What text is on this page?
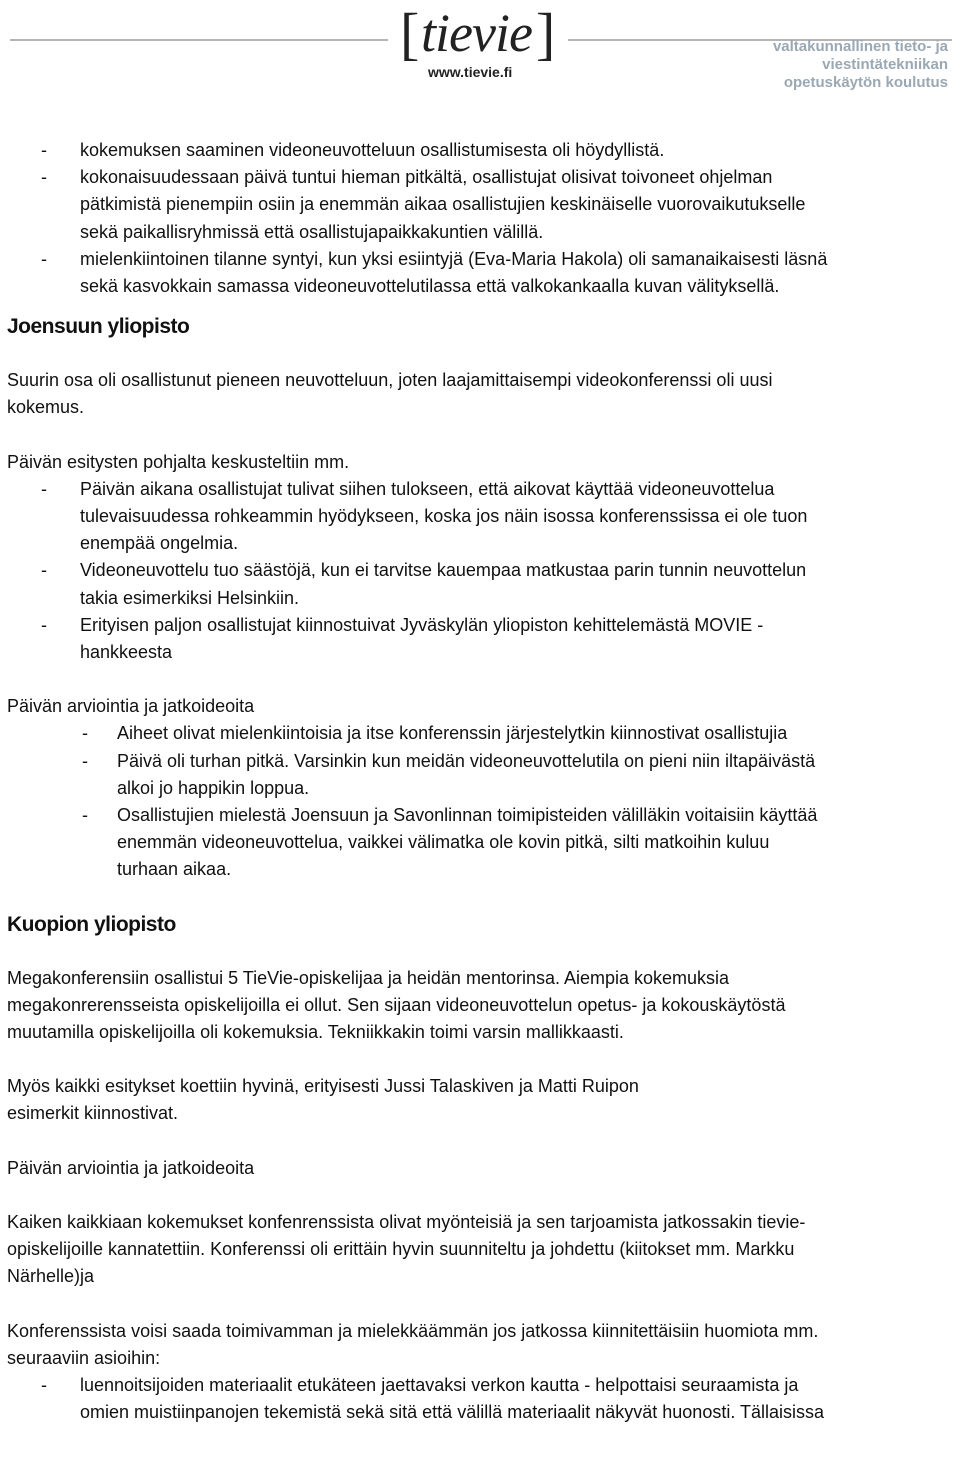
[ tievie ]
www.tievie.fi
valtakunnallinen tieto- ja
viestintätekniikan
opetuskäytön koulutus
- kokemuksen saaminen videoneuvotteluun osallistumisesta oli höydyllistä.
- kokonaisuudessaan päivä tuntui hieman pitkältä, osallistujat olisivat toivoneet ohjelman
pätkimistä pienempiin osiin ja enemmän aikaa osallistujien keskinäiselle vuorovaikutukselle
sekä paikallisryhmissä että osallistujapaikkakuntien välillä.
- mielenkiintoinen tilanne syntyi, kun yksi esiintyjä (Eva-Maria Hakola) oli samanaikaisesti läsnä
sekä kasvokkain samassa videoneuvottelutilassa että valkokankaalla kuvan välityksellä.
Joensuun yliopisto

Suurin osa oli osallistunut pieneen neuvotteluun, joten laajamittaisempi videokonferenssi oli uusi
kokemus.

Päivän esitysten pohjalta keskusteltiin mm.

- Päivän aikana osallistujat tulivat siihen tulokseen, että aikovat käyttää videoneuvottelua
tulevaisuudessa rohkeammin hyödykseen, koska jos näin isossa konferenssissa ei ole tuon
enempää ongelmia.
- Videoneuvottelu tuo säästöjä, kun ei tarvitse kauempaa matkustaa parin tunnin neuvottelun
takia esimerkiksi Helsinkiin.
- Erityisen paljon osallistujat kiinnostuivat Jyväskylän yliopiston kehittelemästä MOVIE -
hankkeesta

Päivän arviointia ja jatkoideoita

- Aiheet olivat mielenkiintoisia ja itse konferenssin järjestelytkin kiinnostivat osallistujia
- Päivä oli turhan pitkä. Varsinkin kun meidän videoneuvottelutila on pieni niin iltapäivästä
alkoi jo happikin loppua.
- Osallistujien mielestä Joensuun ja Savonlinnan toimipisteiden välilläkin voitaisiin käyttää
enemmän videoneuvottelua, vaikkei välimatka ole kovin pitkä, silti matkoihin kuluu
turhaan aikaa.
Kuopion yliopisto

Megakonferensiin osallistui 5 TieVie-opiskelijaa ja heidän mentorinsa. Aiempia kokemuksia
megakonrerensseista opiskelijoilla ei ollut. Sen sijaan videoneuvottelun opetus- ja kokouskäytöstä
muutamilla opiskelijoilla oli kokemuksia. Tekniikkakin toimi varsin mallikkaasti.

Myös kaikki esitykset koettiin hyvinä, erityisesti Jussi Talaskiven ja Matti Ruipon
esimerkit kiinnostivat.

Päivän arviointia ja jatkoideoita

Kaiken kaikkiaan kokemukset konfenrenssista olivat myönteisiä ja sen tarjoamista jatkossakin tievie-
opiskelijoille kannatettiin. Konferenssi oli erittäin hyvin suunniteltu ja johdettu (kiitokset mm. Markku
Närhelle)ja

Konferenssista voisi saada toimivamman ja mielekkäämmän jos jatkossa kiinnitettäisiin huomiota mm.
seuraaviin asioihin:

- luennoitsijoiden materiaalit etukäteen jaettavaksi verkon kautta - helpottaisi seuraamista ja
omien muistiinpanojen tekemistä sekä sitä että välillä materiaalit näkyvät huonosti. Tällaisissa
